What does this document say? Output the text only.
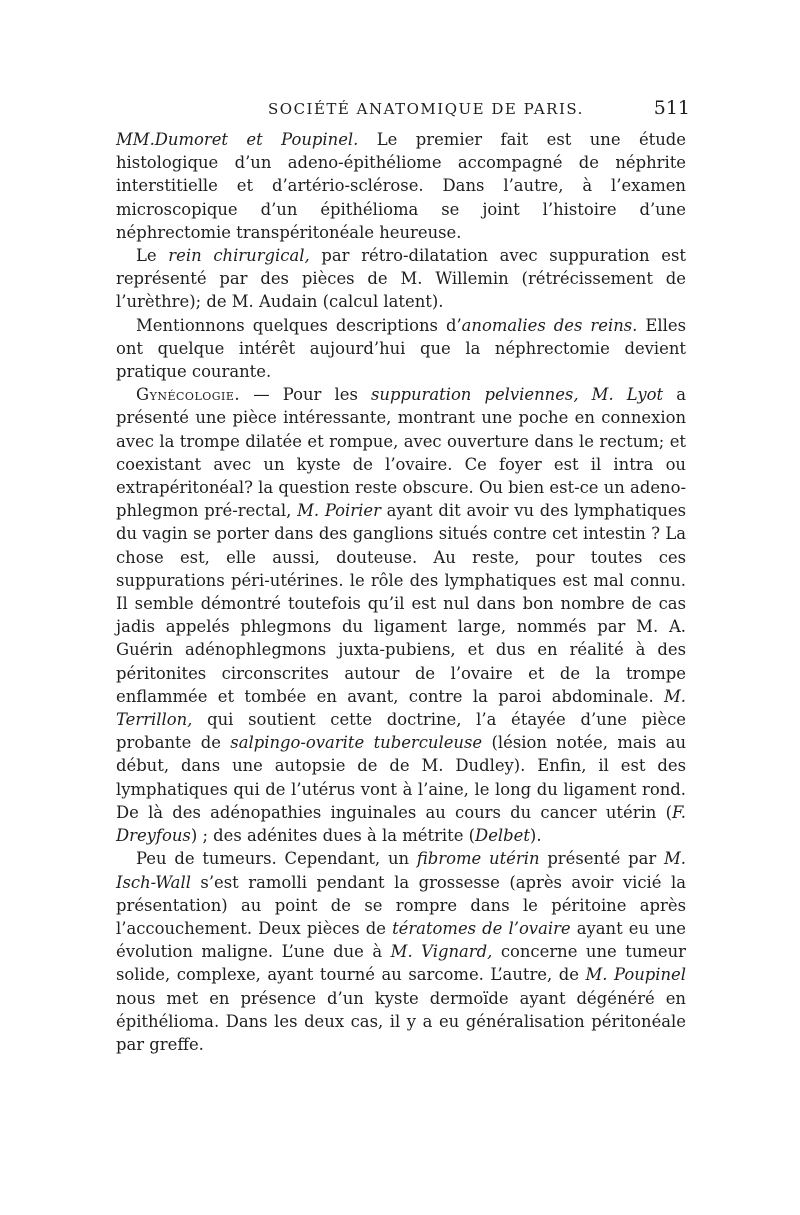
SOCIÉTÉ ANATOMIQUE DE PARIS.	511

MM.Dumoret et Poupinel. Le premier fait est une étude histologique d’un adeno-épithéliome accompagné de néphrite interstitielle et d’artério-sclérose. Dans l’autre, à l’examen microscopique d’un épithélioma se joint l’histoire d’une néphrectomie transpéritonéale heureuse.

Le rein chirurgical, par rétro-dilatation avec suppuration est représenté par des pièces de M. Willemin (rétrécissement de l’urèthre); de M. Audain (calcul latent).

Mentionnons quelques descriptions d’anomalies des reins. Elles ont quelque intérêt aujourd’hui que la néphrectomie devient pratique courante.

Gynécologie. — Pour les suppuration pelviennes, M. Lyot a présenté une pièce intéressante, montrant une poche en connexion avec la trompe dilatée et rompue, avec ouverture dans le rectum; et coexistant avec un kyste de l’ovaire. Ce foyer est il intra ou extrapéritonéal? la question reste obscure. Ou bien est-ce un adeno-phlegmon pré-rectal, M. Poirier ayant dit avoir vu des lymphatiques du vagin se porter dans des ganglions situés contre cet intestin ? La chose est, elle aussi, douteuse. Au reste, pour toutes ces suppurations péri-utérines. le rôle des lymphatiques est mal connu. Il semble démontré toutefois qu’il est nul dans bon nombre de cas jadis appelés phlegmons du ligament large, nommés par M. A. Guérin adénophlegmons juxta-pubiens, et dus en réalité à des péritonites circonscrites autour de l’ovaire et de la trompe enflammée et tombée en avant, contre la paroi abdominale. M. Terrillon, qui soutient cette doctrine, l’a étayée d’une pièce probante de salpingo-ovarite tuberculeuse (lésion notée, mais au début, dans une autopsie de de M. Dudley). Enfin, il est des lymphatiques qui de l’utérus vont à l’aine, le long du ligament rond. De là des adénopathies inguinales au cours du cancer utérin (F. Dreyfous) ; des adénites dues à la métrite (Delbet).

Peu de tumeurs. Cependant, un fibrome utérin présenté par M. Isch-Wall s’est ramolli pendant la grossesse (après avoir vicié la présentation) au point de se rompre dans le péritoine après l’accouchement. Deux pièces de tératomes de l’ovaire ayant eu une évolution maligne. L’une due à M. Vignard, concerne une tumeur solide, complexe, ayant tourné au sarcome. L’autre, de M. Poupinel nous met en présence d’un kyste dermoïde ayant dégénéré en épithélioma. Dans les deux cas, il y a eu généralisation péritonéale par greffe.
